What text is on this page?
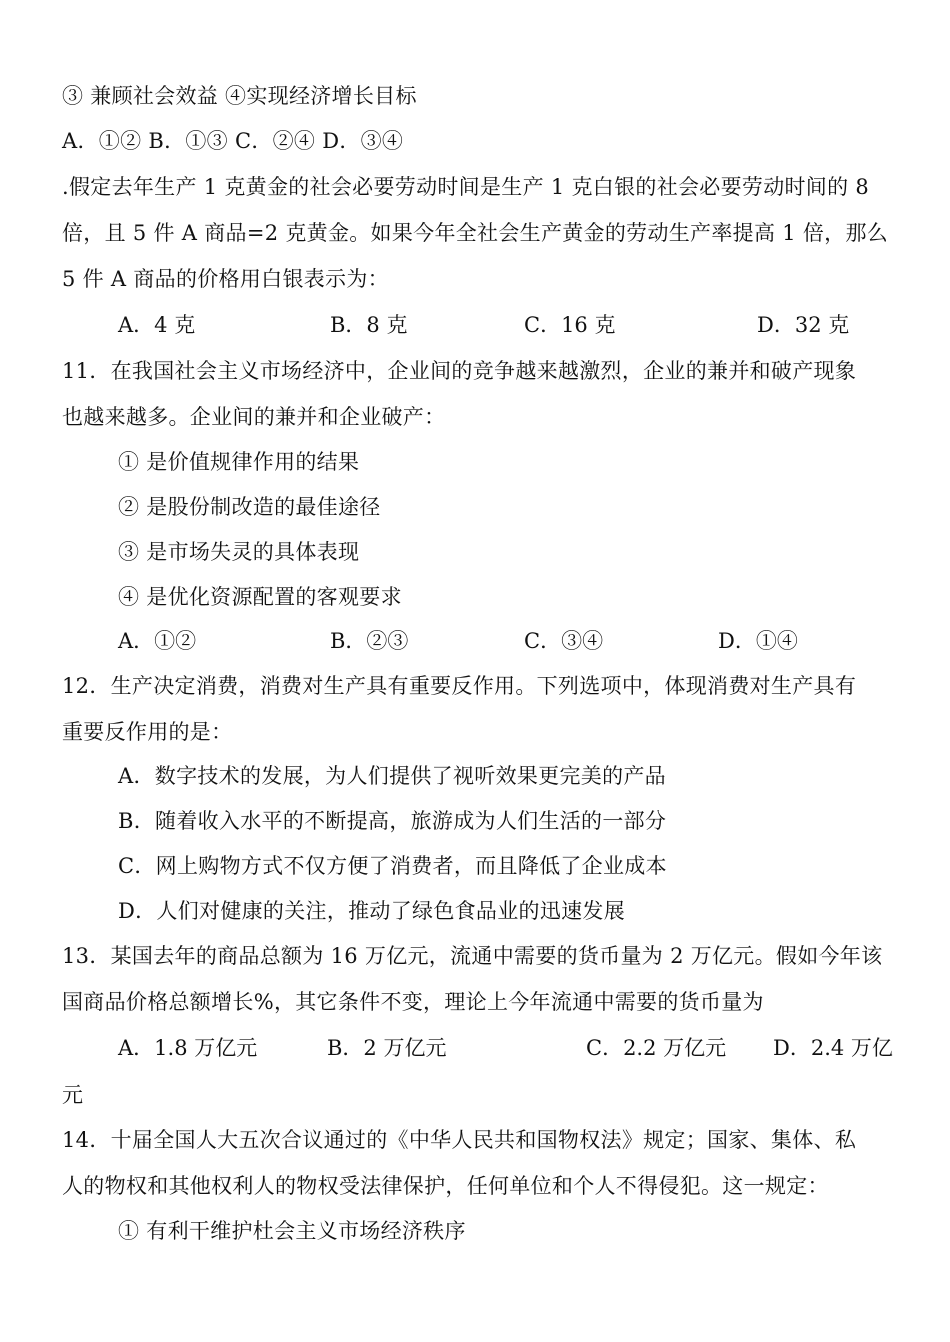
③ 兼顾社会效益 ④实现经济增长目标
A．①② B．①③ C．②④ D．③④
.假定去年生产 1 克黄金的社会必要劳动时间是生产 1 克白银的社会必要劳动时间的 8
倍，且 5 件 A 商品=2 克黄金。如果今年全社会生产黄金的劳动生产率提高 1 倍，那么
5 件 A 商品的价格用白银表示为：
A．4 克	B．8 克	C．16 克	D．32 克
11．在我国社会主义市场经济中，企业间的竞争越来越激烈，企业的兼并和破产现象
也越来越多。企业间的兼并和企业破产：
① 是价值规律作用的结果
② 是股份制改造的最佳途径
③ 是市场失灵的具体表现
④ 是优化资源配置的客观要求
A．①②	B．②③	C．③④	D．①④
12．生产决定消费，消费对生产具有重要反作用。下列选项中，体现消费对生产具有
重要反作用的是：
A．数字技术的发展，为人们提供了视听效果更完美的产品
B．随着收入水平的不断提高，旅游成为人们生活的一部分
C．网上购物方式不仅方便了消费者，而且降低了企业成本
D．人们对健康的关注，推动了绿色食品业的迅速发展
13．某国去年的商品总额为 16 万亿元，流通中需要的货币量为 2 万亿元。假如今年该
国商品价格总额增长%，其它条件不变，理论上今年流通中需要的货币量为
A．1.8 万亿元	B．2 万亿元	C．2.2 万亿元 D．2.4 万亿
元
14．十届全国人大五次合议通过的《中华人民共和国物权法》规定；国家、集体、私
人的物权和其他权利人的物权受法律保护，任何单位和个人不得侵犯。这一规定：
① 有利干维护杜会主义市场经济秩序
